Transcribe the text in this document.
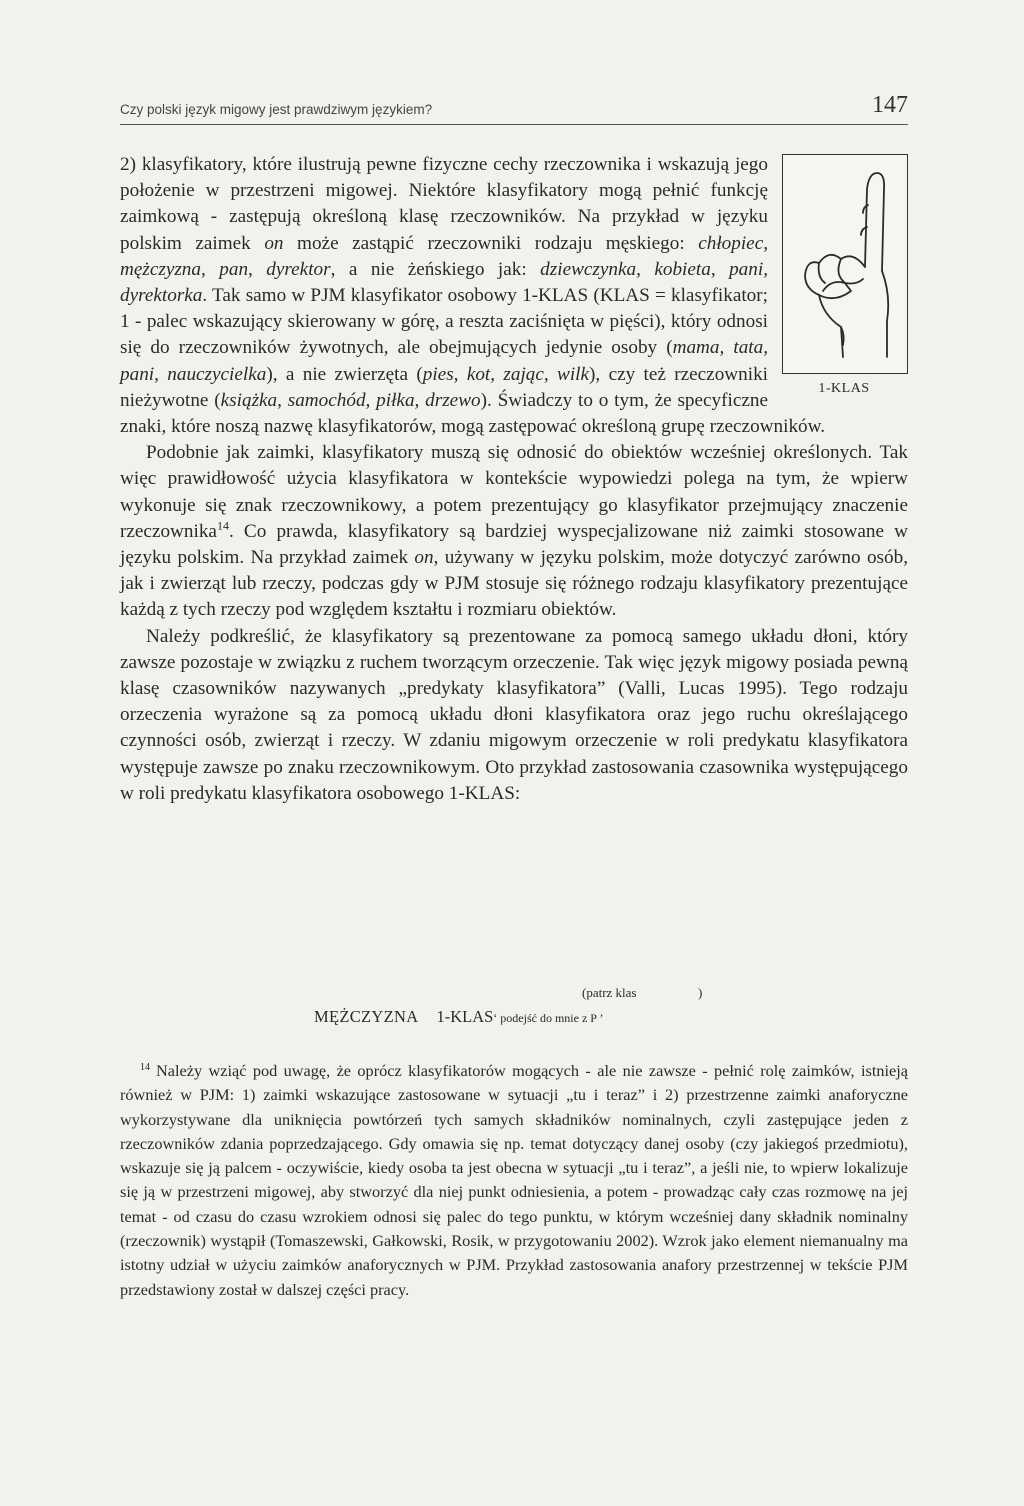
Czy polski język migowy jest prawdziwym językiem?	147
1-KLAS

2) klasyfikatory, które ilustrują pewne fizyczne cechy rzeczownika i wskazują jego położenie w przestrzeni migowej. Niektóre klasyfikatory mogą pełnić funkcję zaimkową - zastępują określoną klasę rzeczowników. Na przykład w języku polskim zaimek on może zastąpić rzeczowniki rodzaju męskiego: chłopiec, mężczyzna, pan, dyrektor, a nie żeńskiego jak: dziewczynka, kobieta, pani, dyrektorka. Tak samo w PJM klasyfikator osobowy 1-KLAS (KLAS = klasyfikator; 1 - palec wskazujący skierowany w górę, a reszta zaciśnięta w pięści), który odnosi się do rzeczowników żywotnych, ale obejmujących jedynie osoby (mama, tata, pani, nauczycielka), a nie zwierzęta (pies, kot, zając, wilk), czy też rzeczowniki nieżywotne (książka, samochód, piłka, drzewo). Świadczy to o tym, że specyficzne znaki, które noszą nazwę klasyfikatorów, mogą zastępować określoną grupę rzeczowników.

Podobnie jak zaimki, klasyfikatory muszą się odnosić do obiektów wcześniej określonych. Tak więc prawidłowość użycia klasyfikatora w kontekście wypowiedzi polega na tym, że wpierw wykonuje się znak rzeczownikowy, a potem prezentujący go klasyfikator przejmujący znaczenie rzeczownika$^{14}$. Co prawda, klasyfikatory są bardziej wyspecjalizowane niż zaimki stosowane w języku polskim. Na przykład zaimek on, używany w języku polskim, może dotyczyć zarówno osób, jak i zwierząt lub rzeczy, podczas gdy w PJM stosuje się różnego rodzaju klasyfikatory prezentujące każdą z tych rzeczy pod względem kształtu i rozmiaru obiektów.

Należy podkreślić, że klasyfikatory są prezentowane za pomocą samego układu dłoni, który zawsze pozostaje w związku z ruchem tworzącym orzeczenie. Tak więc język migowy posiada pewną klasę czasowników nazywanych „predykaty klasyfikatora” (Valli, Lucas 1995). Tego rodzaju orzeczenia wyrażone są za pomocą układu dłoni klasyfikatora oraz jego ruchu określającego czynności osób, zwierząt i rzeczy. W zdaniu migowym orzeczenie w roli predykatu klasyfikatora występuje zawsze po znaku rzeczownikowym. Oto przykład zastosowania czasownika występującego w roli predykatu klasyfikatora osobowego 1-KLAS:

(patrz klas	)
MĘŻCZYZNA 1-KLAS‘ podejść do mnie z P ’

$^{14}$ Należy wziąć pod uwagę, że oprócz klasyfikatorów mogących - ale nie zawsze - pełnić rolę zaimków, istnieją również w PJM: 1) zaimki wskazujące zastosowane w sytuacji „tu i teraz” i 2) przestrzenne zaimki anaforyczne wykorzystywane dla uniknięcia powtórzeń tych samych składników nominalnych, czyli zastępujące jeden z rzeczowników zdania poprzedzającego. Gdy omawia się np. temat dotyczący danej osoby (czy jakiegoś przedmiotu), wskazuje się ją palcem - oczywiście, kiedy osoba ta jest obecna w sytuacji „tu i teraz”, a jeśli nie, to wpierw lokalizuje się ją w przestrzeni migowej, aby stworzyć dla niej punkt odniesienia, a potem - prowadząc cały czas rozmowę na jej temat - od czasu do czasu wzrokiem odnosi się palec do tego punktu, w którym wcześniej dany składnik nominalny (rzeczownik) wystąpił (Tomaszewski, Gałkowski, Rosik, w przygotowaniu 2002). Wzrok jako element niemanualny ma istotny udział w użyciu zaimków anaforycznych w PJM. Przykład zastosowania anafory przestrzennej w tekście PJM przedstawiony został w dalszej części pracy.
